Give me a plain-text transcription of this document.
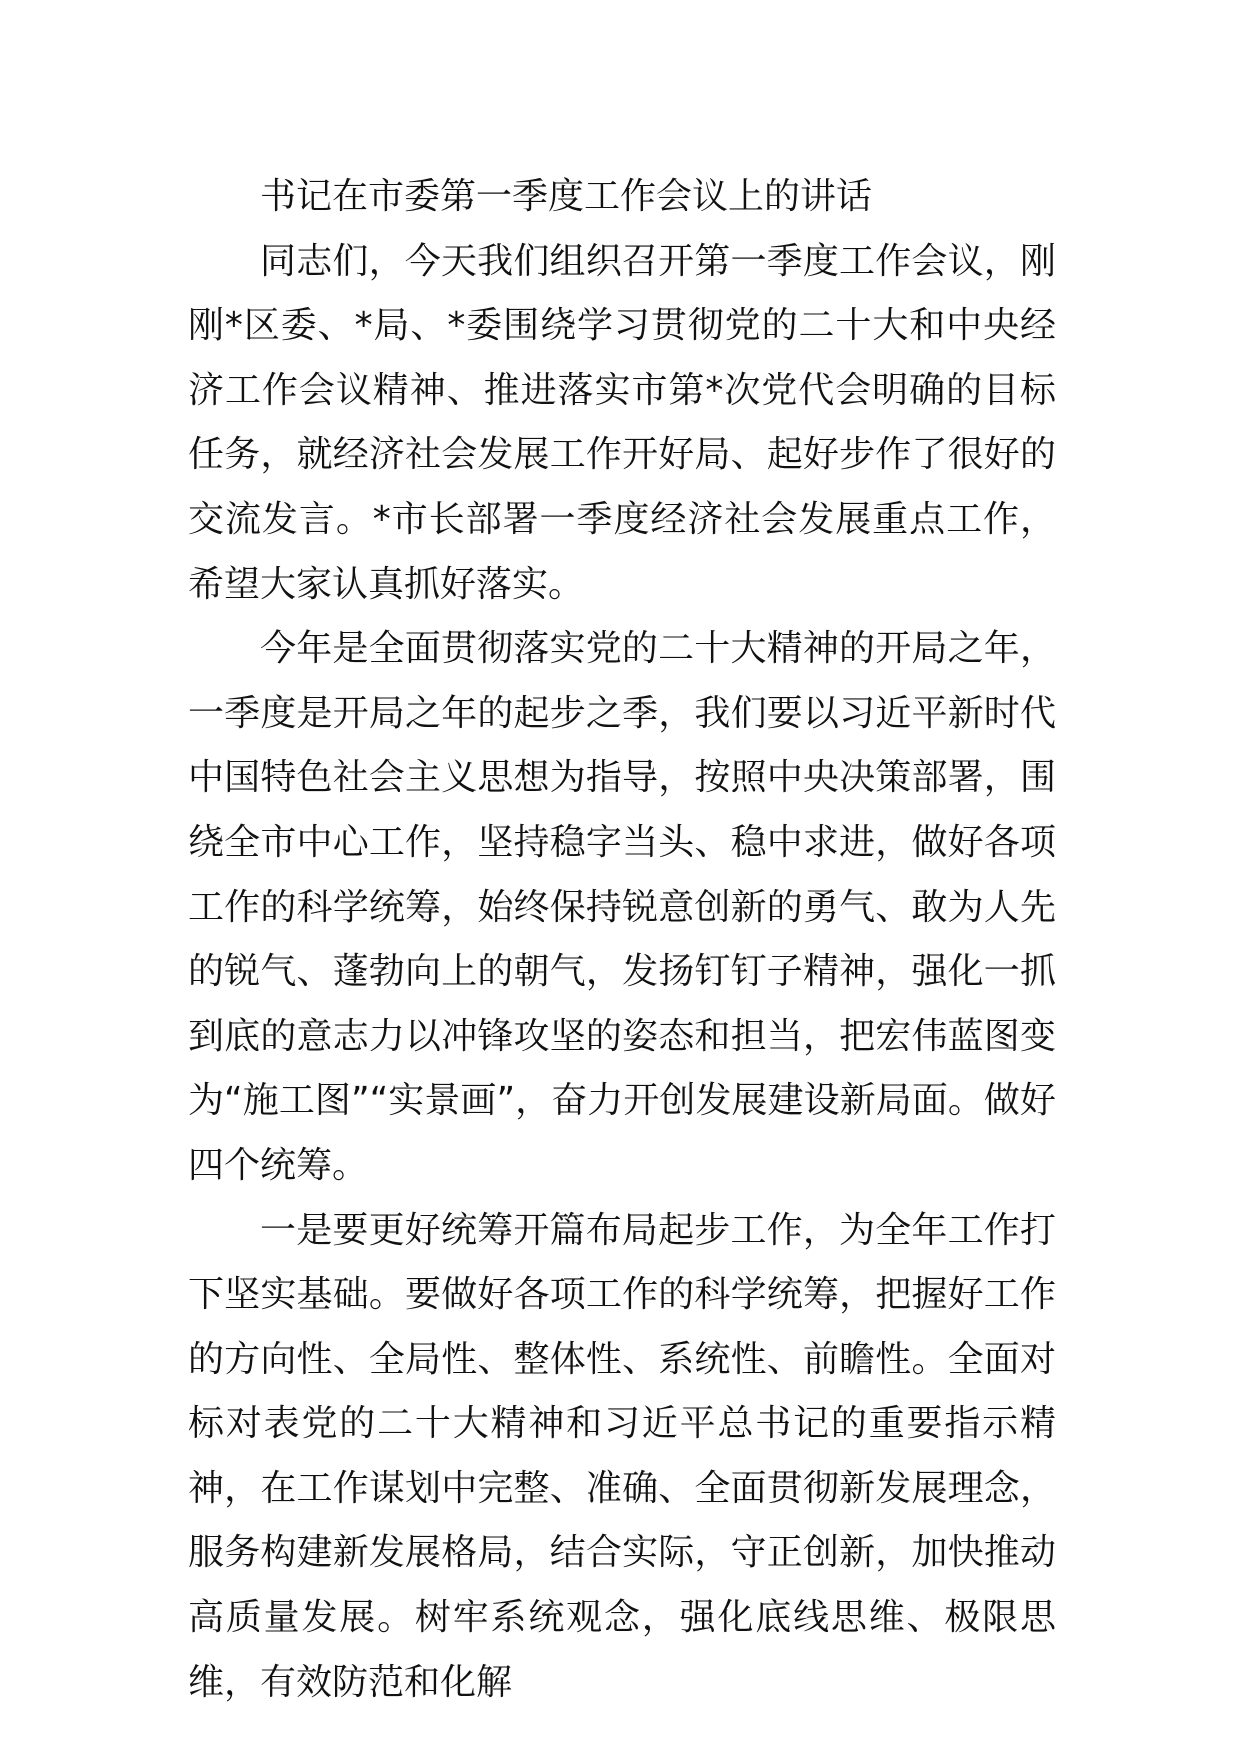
书记在市委第一季度工作会议上的讲话

同志们，今天我们组织召开第一季度工作会议，刚刚*区委、*局、*委围绕学习贯彻党的二十大和中央经济工作会议精神、推进落实市第*次党代会明确的目标任务，就经济社会发展工作开好局、起好步作了很好的交流发言。*市长部署一季度经济社会发展重点工作，希望大家认真抓好落实。

今年是全面贯彻落实党的二十大精神的开局之年，一季度是开局之年的起步之季，我们要以习近平新时代中国特色社会主义思想为指导，按照中央决策部署，围绕全市中心工作，坚持稳字当头、稳中求进，做好各项工作的科学统筹，始终保持锐意创新的勇气、敢为人先的锐气、蓬勃向上的朝气，发扬钉钉子精神，强化一抓到底的意志力以冲锋攻坚的姿态和担当，把宏伟蓝图变为“施工图”“实景画”，奋力开创发展建设新局面。做好四个统筹。

一是要更好统筹开篇布局起步工作，为全年工作打下坚实基础。要做好各项工作的科学统筹，把握好工作的方向性、全局性、整体性、系统性、前瞻性。全面对标对表党的二十大精神和习近平总书记的重要指示精神，在工作谋划中完整、准确、全面贯彻新发展理念，服务构建新发展格局，结合实际，守正创新，加快推动高质量发展。树牢系统观念，强化底线思维、极限思维，有效防范和化解
